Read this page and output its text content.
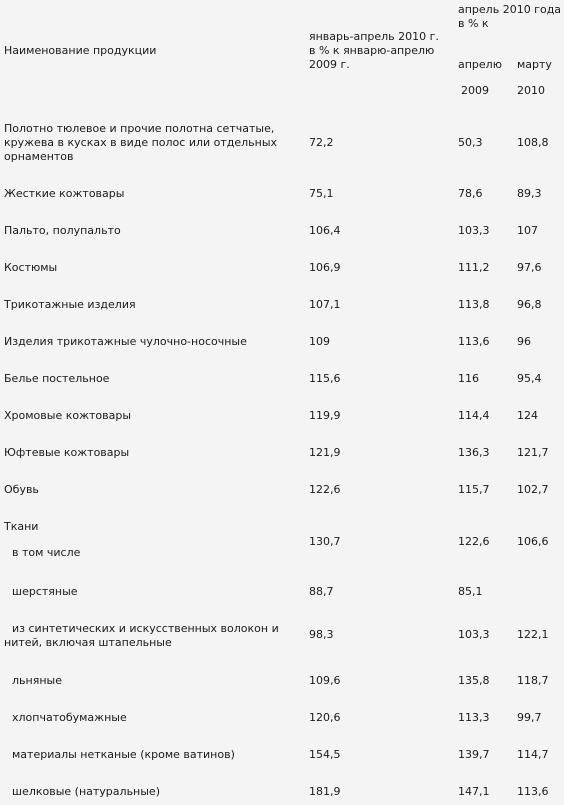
Наименование продукции
январь-апрель 2010 г. в % к январю-апрелю 2009 г.
апрель 2010 года в % к
апрелю марту
2009	2010
Полотно тюлевое и прочие полотна сетчатые, кружева в кусках в виде полос или отдельных орнаментов
72,2	50,3	108,8
Жесткие кожтовары	75,1	78,6	89,3
Пальто, полупальто	106,4	103,3	107
Костюмы	106,9	111,2	97,6
Трикотажные изделия	107,1	113,8	96,8
Изделия трикотажные чулочно-носочные	109	113,6	96
Белье постельное	115,6	116	95,4
Хромовые кожтовары	119,9	114,4	124
Юфтевые кожтовары	121,9	136,3	121,7
Обувь	122,6	115,7	102,7
Ткани
в том числе
130,7	122,6	106,6
шерстяные	88,7	85,1
из синтетических и искусственных волокон и нитей, включая штапельные
98,3	103,3	122,1
льняные	109,6	135,8	118,7
хлопчатобумажные	120,6	113,3	99,7
материалы нетканые (кроме ватинов)	154,5	139,7	114,7
шелковые (натуральные)	181,9	147,1	113,6
